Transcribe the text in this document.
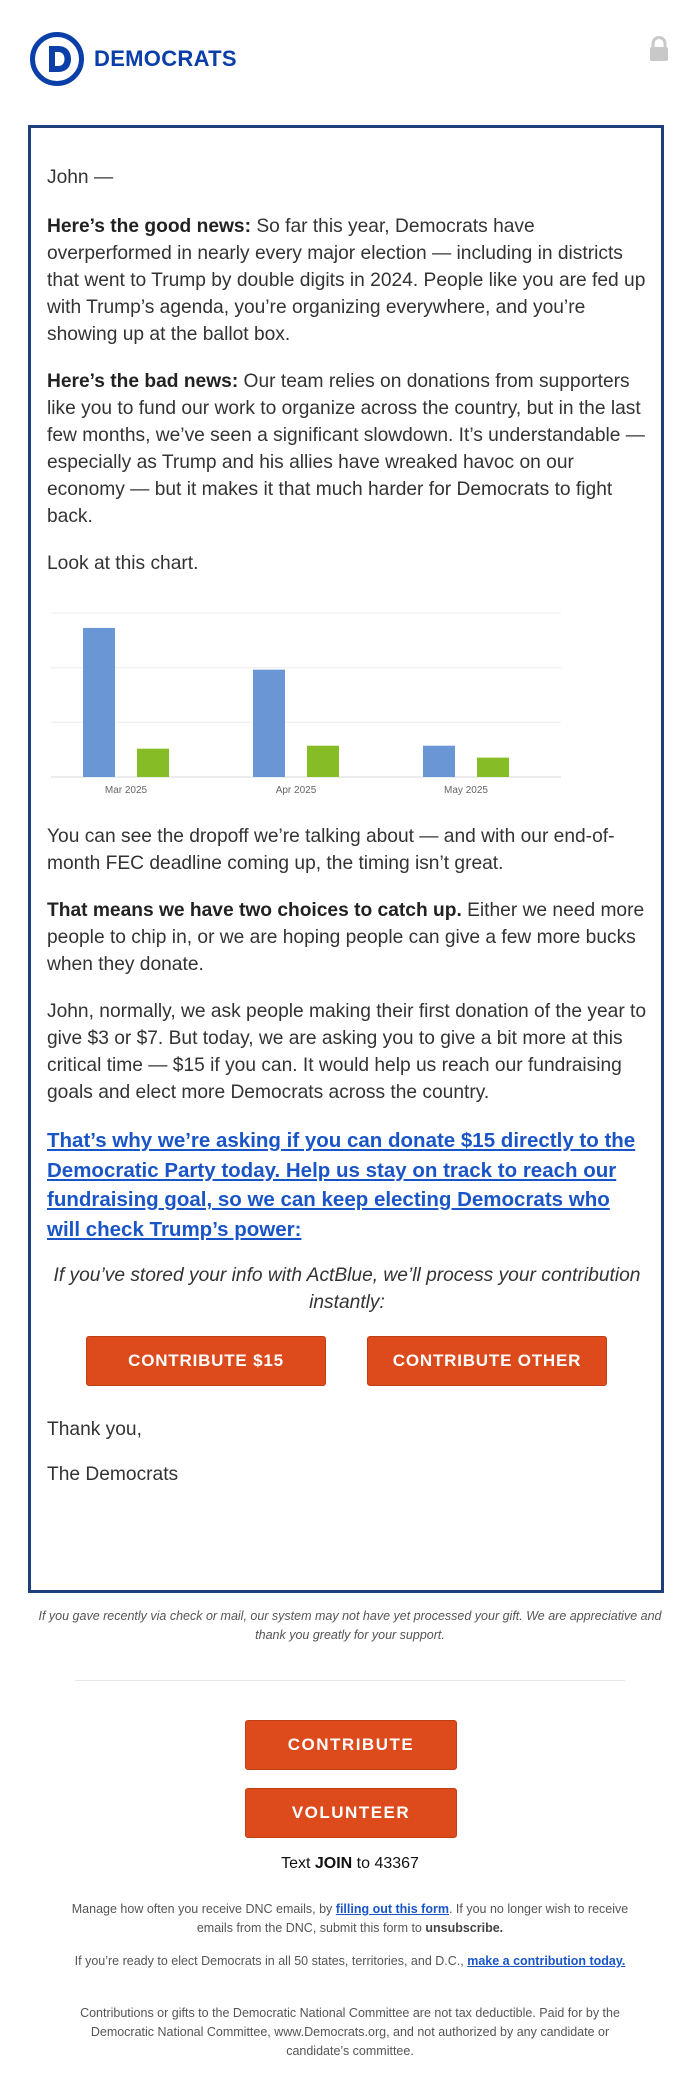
DEMOCRATS

John —

Here’s the good news: So far this year, Democrats have overperformed in nearly every major election — including in districts that went to Trump by double digits in 2024. People like you are fed up with Trump’s agenda, you’re organizing everywhere, and you’re showing up at the ballot box.

Here’s the bad news: Our team relies on donations from supporters like you to fund our work to organize across the country, but in the last few months, we’ve seen a significant slowdown. It’s understandable — especially as Trump and his allies have wreaked havoc on our economy — but it makes it that much harder for Democrats to fight back.

Look at this chart.

Mar 2025	Apr 2025	May 2025

You can see the dropoff we’re talking about — and with our end-of-month FEC deadline coming up, the timing isn’t great.

That means we have two choices to catch up. Either we need more people to chip in, or we are hoping people can give a few more bucks when they donate.

John, normally, we ask people making their first donation of the year to give $3 or $7. But today, we are asking you to give a bit more at this critical time — $15 if you can. It would help us reach our fundraising goals and elect more Democrats across the country.

That’s why we’re asking if you can donate $15 directly to the Democratic Party today. Help us stay on track to reach our fundraising goal, so we can keep electing Democrats who will check Trump’s power:

If you’ve stored your info with ActBlue, we’ll process your contribution instantly:

CONTRIBUTE $15	CONTRIBUTE OTHER

Thank you,

The Democrats

If you gave recently via check or mail, our system may not have yet processed your gift. We are appreciative and thank you greatly for your support.
CONTRIBUTE
VOLUNTEER
Text JOIN to 43367
Manage how often you receive DNC emails, by filling out this form. If you no longer wish to receive emails from the DNC, submit this form to unsubscribe.
If you’re ready to elect Democrats in all 50 states, territories, and D.C., make a contribution today.
Contributions or gifts to the Democratic National Committee are not tax deductible. Paid for by the Democratic National Committee, www.Democrats.org, and not authorized by any candidate or candidate’s committee.
